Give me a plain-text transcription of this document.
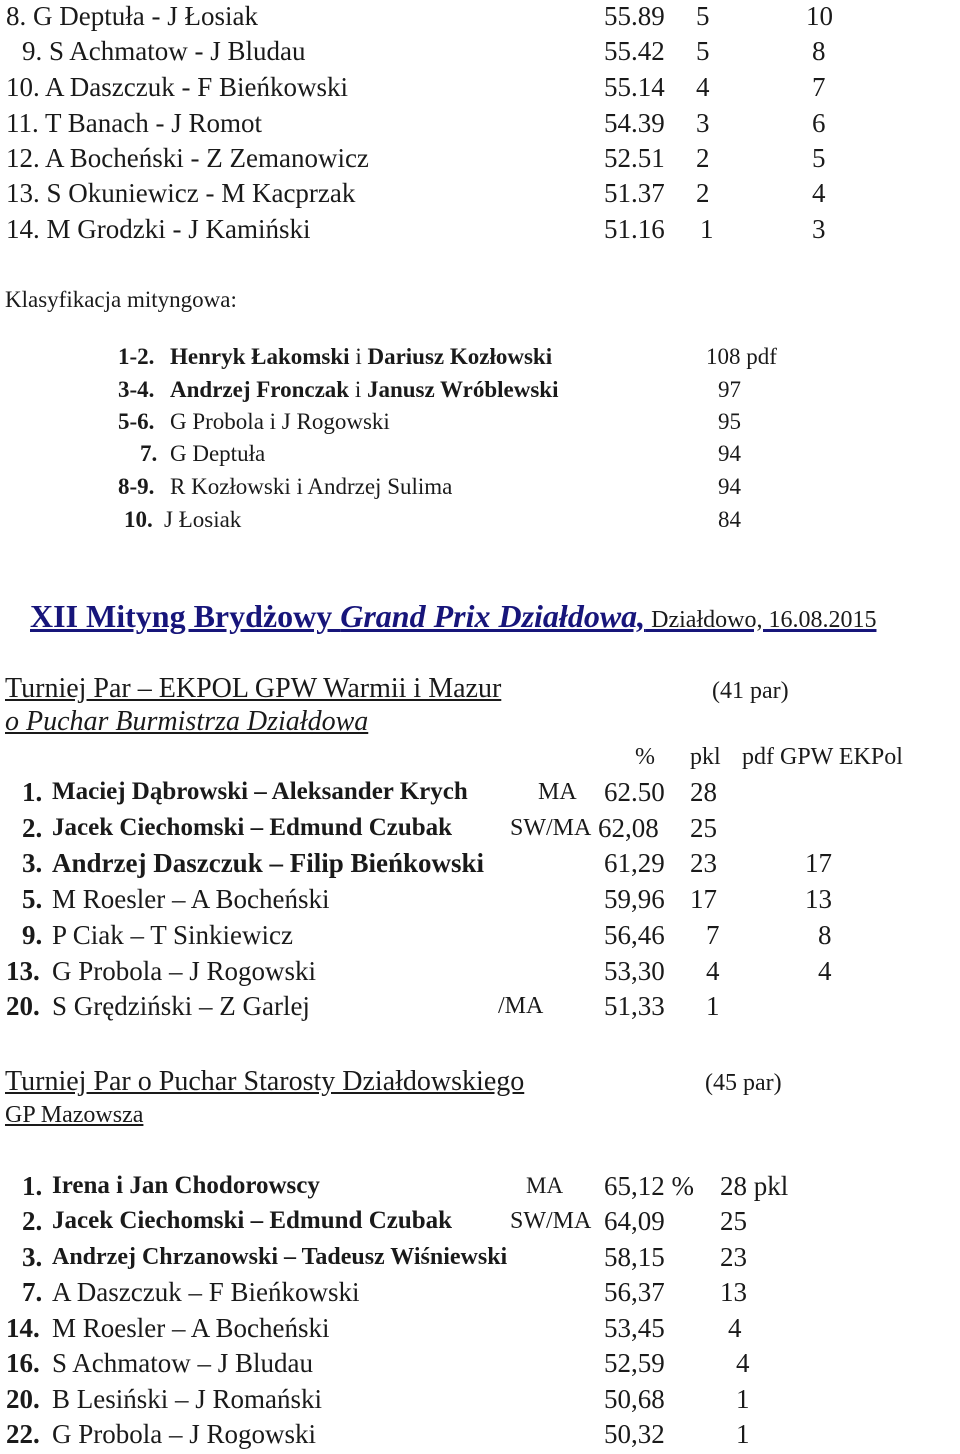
8. G Deptuła - J Łosiak	55.89 5	10
9. S Achmatow - J Bludau	55.42 5	8
10. A Daszczuk - F Bieńkowski	55.14 4	7
11. T Banach - J Romot	54.39 3	6
12. A Bocheński - Z Zemanowicz	52.51 2	5
13. S Okuniewicz - M Kacprzak	51.37 2	4
14. M Grodzki - J Kamiński	51.16 1	3
Klasyfikacja mityngowa:
1-2. Henryk Łakomski i Dariusz Kozłowski	108 pdf
3-4. Andrzej Fronczak i Janusz Wróblewski	97
5-6. G Probola i J Rogowski	95
7. G Deptuła	94
8-9. R Kozłowski i Andrzej Sulima	94
10. J Łosiak	84
XII Mityng Brydżowy Grand Prix Działdowa, Działdowo, 16.08.2015
Turniej Par – EKPOL GPW Warmii i Mazur	(41 par)
o Puchar Burmistrza Działdowa
% pkl pdf GPW EKPol
1. Maciej Dąbrowski – Aleksander Krych	MA 62.50 28
2. Jacek Ciechomski – Edmund Czubak SW/MA 62,08 25
3. Andrzej Daszczuk – Filip Bieńkowski	61,29 23	17
5. M Roesler – A Bocheński	59,96 17	13
9. P Ciak – T Sinkiewicz	56,46 7	8
13. G Probola – J Rogowski	53,30 4	4
20. S Grędziński – Z Garlej	/MA 51,33 1
Turniej Par o Puchar Starosty Działdowskiego	(45 par)
GP Mazowsza
1. Irena i Jan Chodorowscy	MA 65,12 % 28 pkl
2. Jacek Ciechomski – Edmund Czubak SW/MA 64,09 25
3. Andrzej Chrzanowski – Tadeusz Wiśniewski	58,15 23
7. A Daszczuk – F Bieńkowski	56,37 13
14. M Roesler – A Bocheński	53,45 4
16. S Achmatow – J Bludau	52,59	4
20. B Lesiński – J Romański	50,68	1
22. G Probola – J Rogowski	50,32	1
